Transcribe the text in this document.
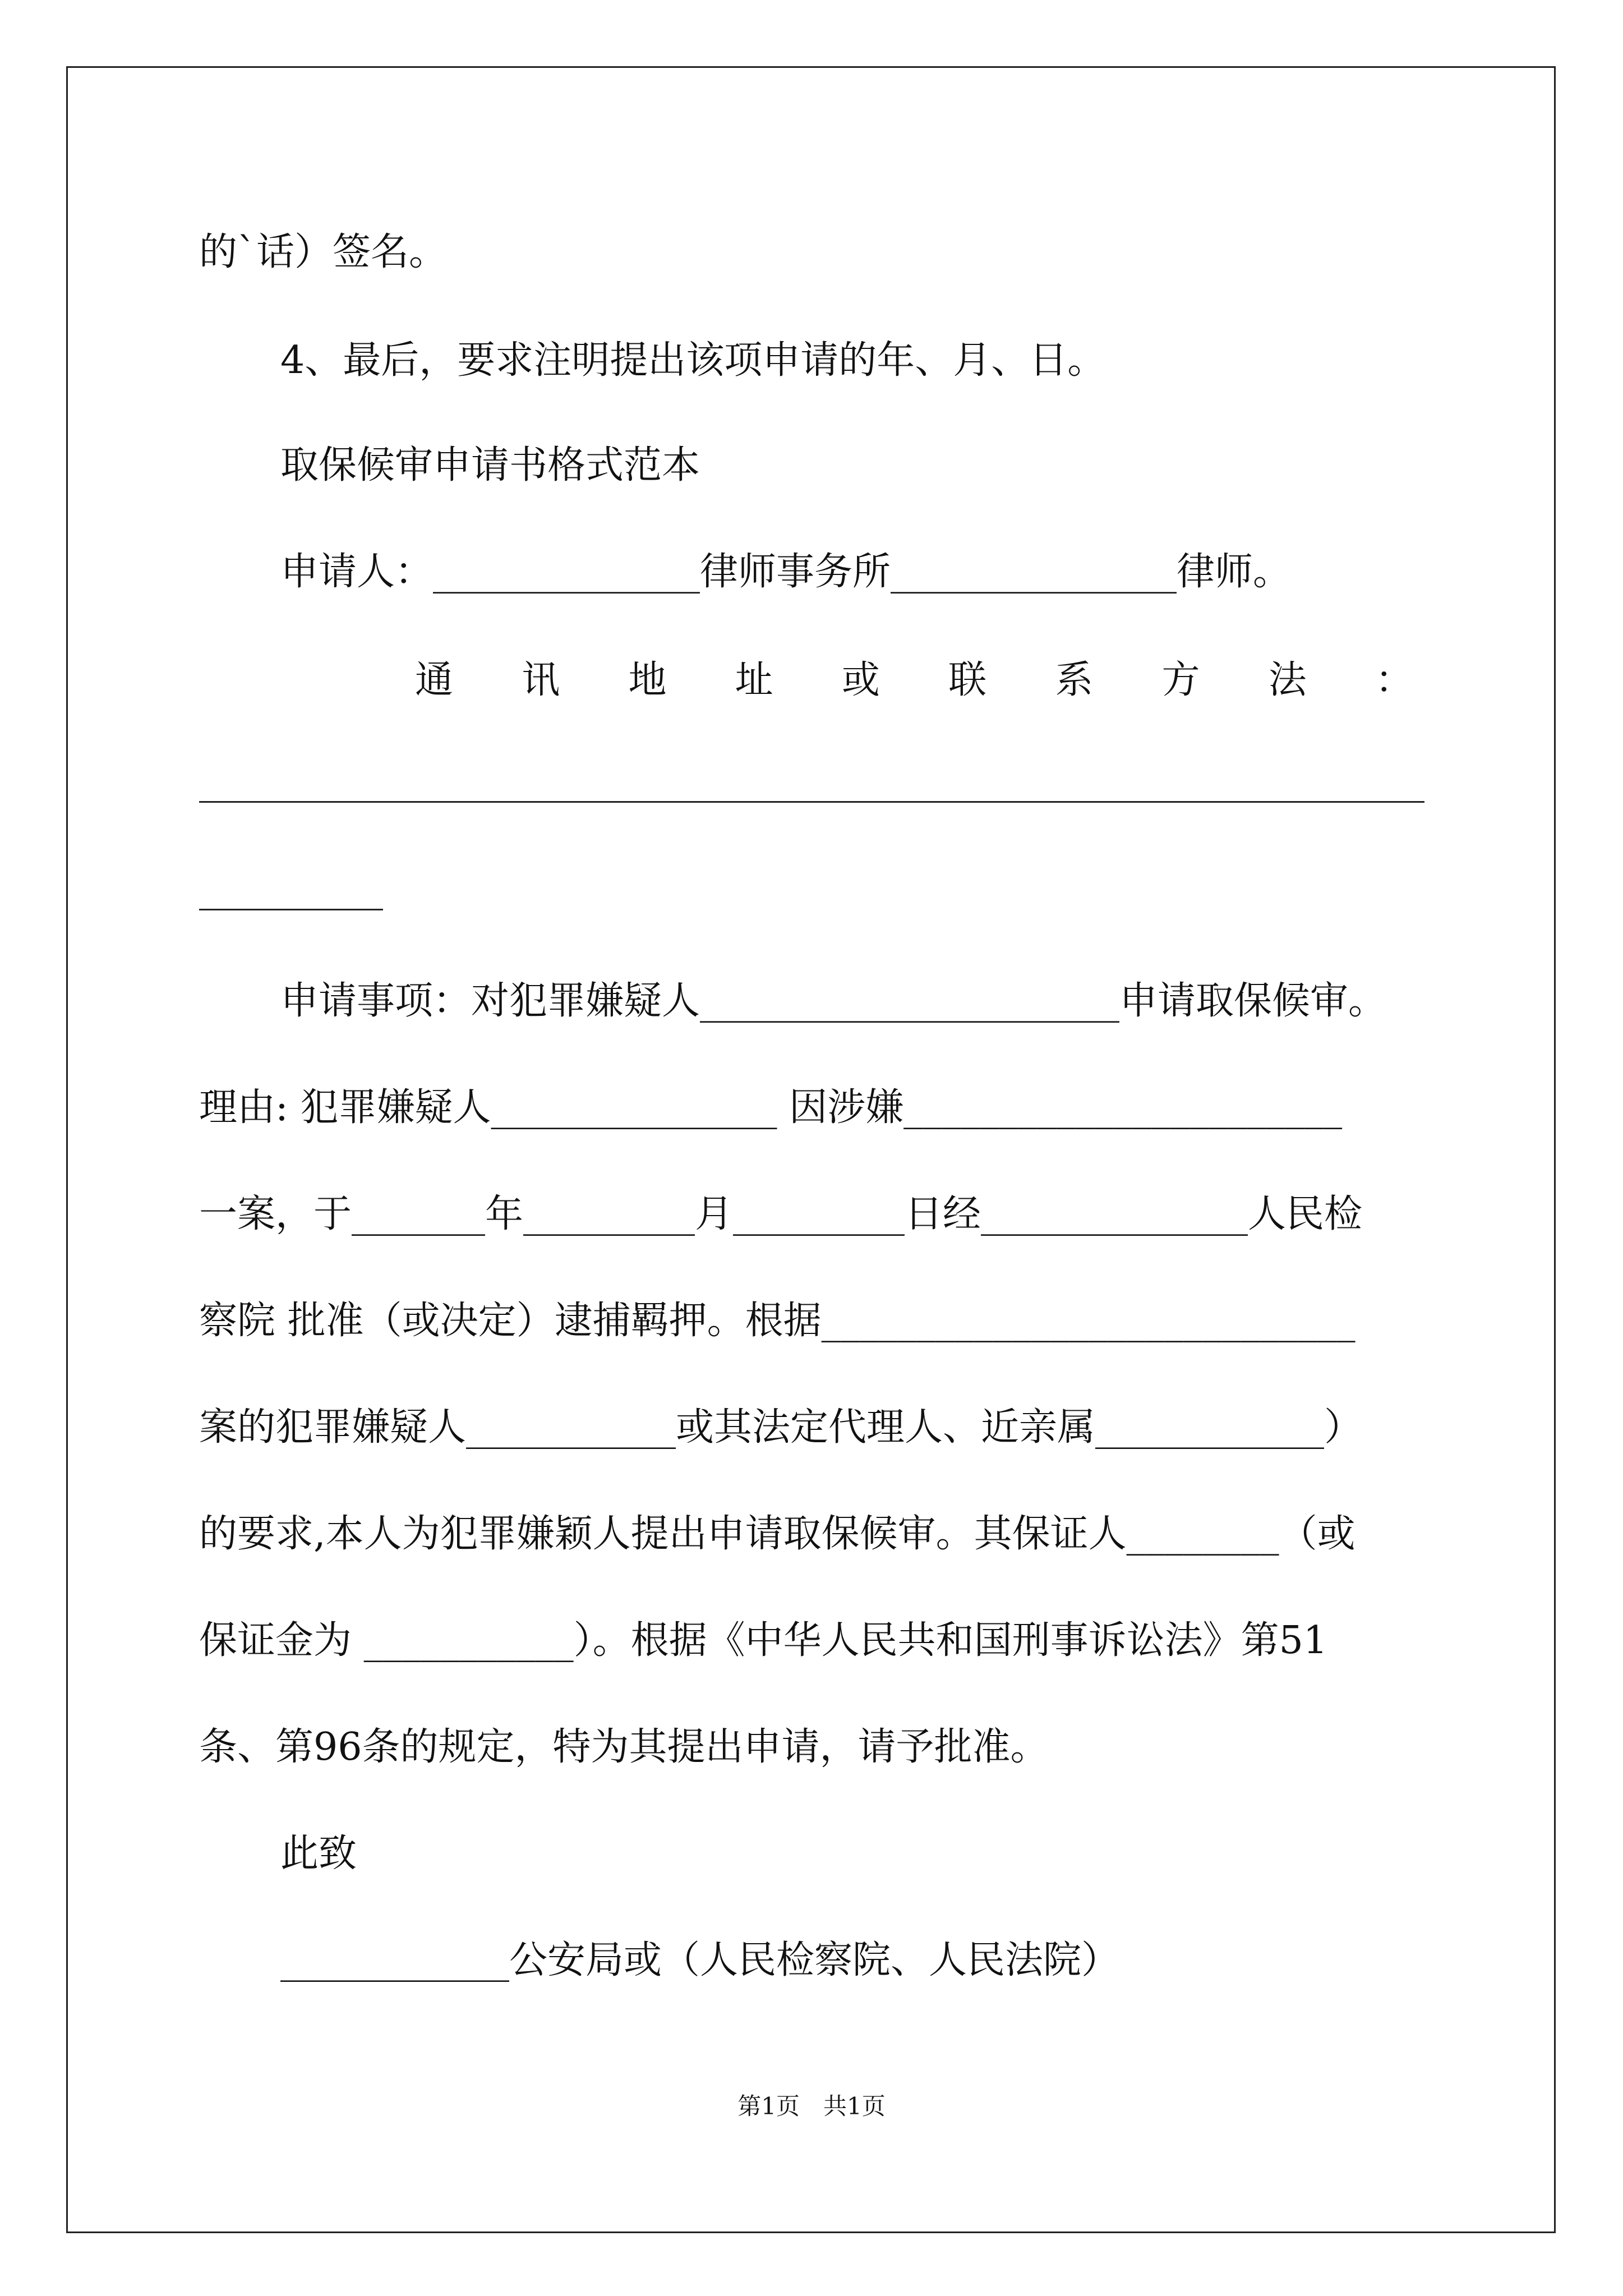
的`话）签名。
4、最后，要求注明提出该项申请的年、月、日。
取保候审申请书格式范本
申请人：______________律师事务所_______________律师。
通 讯 地 址 或 联 系 方 法 ：
申请事项：对犯罪嫌疑人______________________申请取保候审。
理由: 犯罪嫌疑人_______________ 因涉嫌_______________________
一案，于_______年_________月_________日经______________人民检
察院 批准（或决定）逮捕羁押。根据____________________________
案的犯罪嫌疑人___________或其法定代理人、近亲属____________）
的要求,本人为犯罪嫌颖人提出申请取保候审。其保证人________（或
保证金为 ___________）。根据《中华人民共和国刑事诉讼法》第51
条、第96条的规定，特为其提出申请，请予批准。
此致
____________公安局或（人民检察院、人民法院）
第1页　共1页
